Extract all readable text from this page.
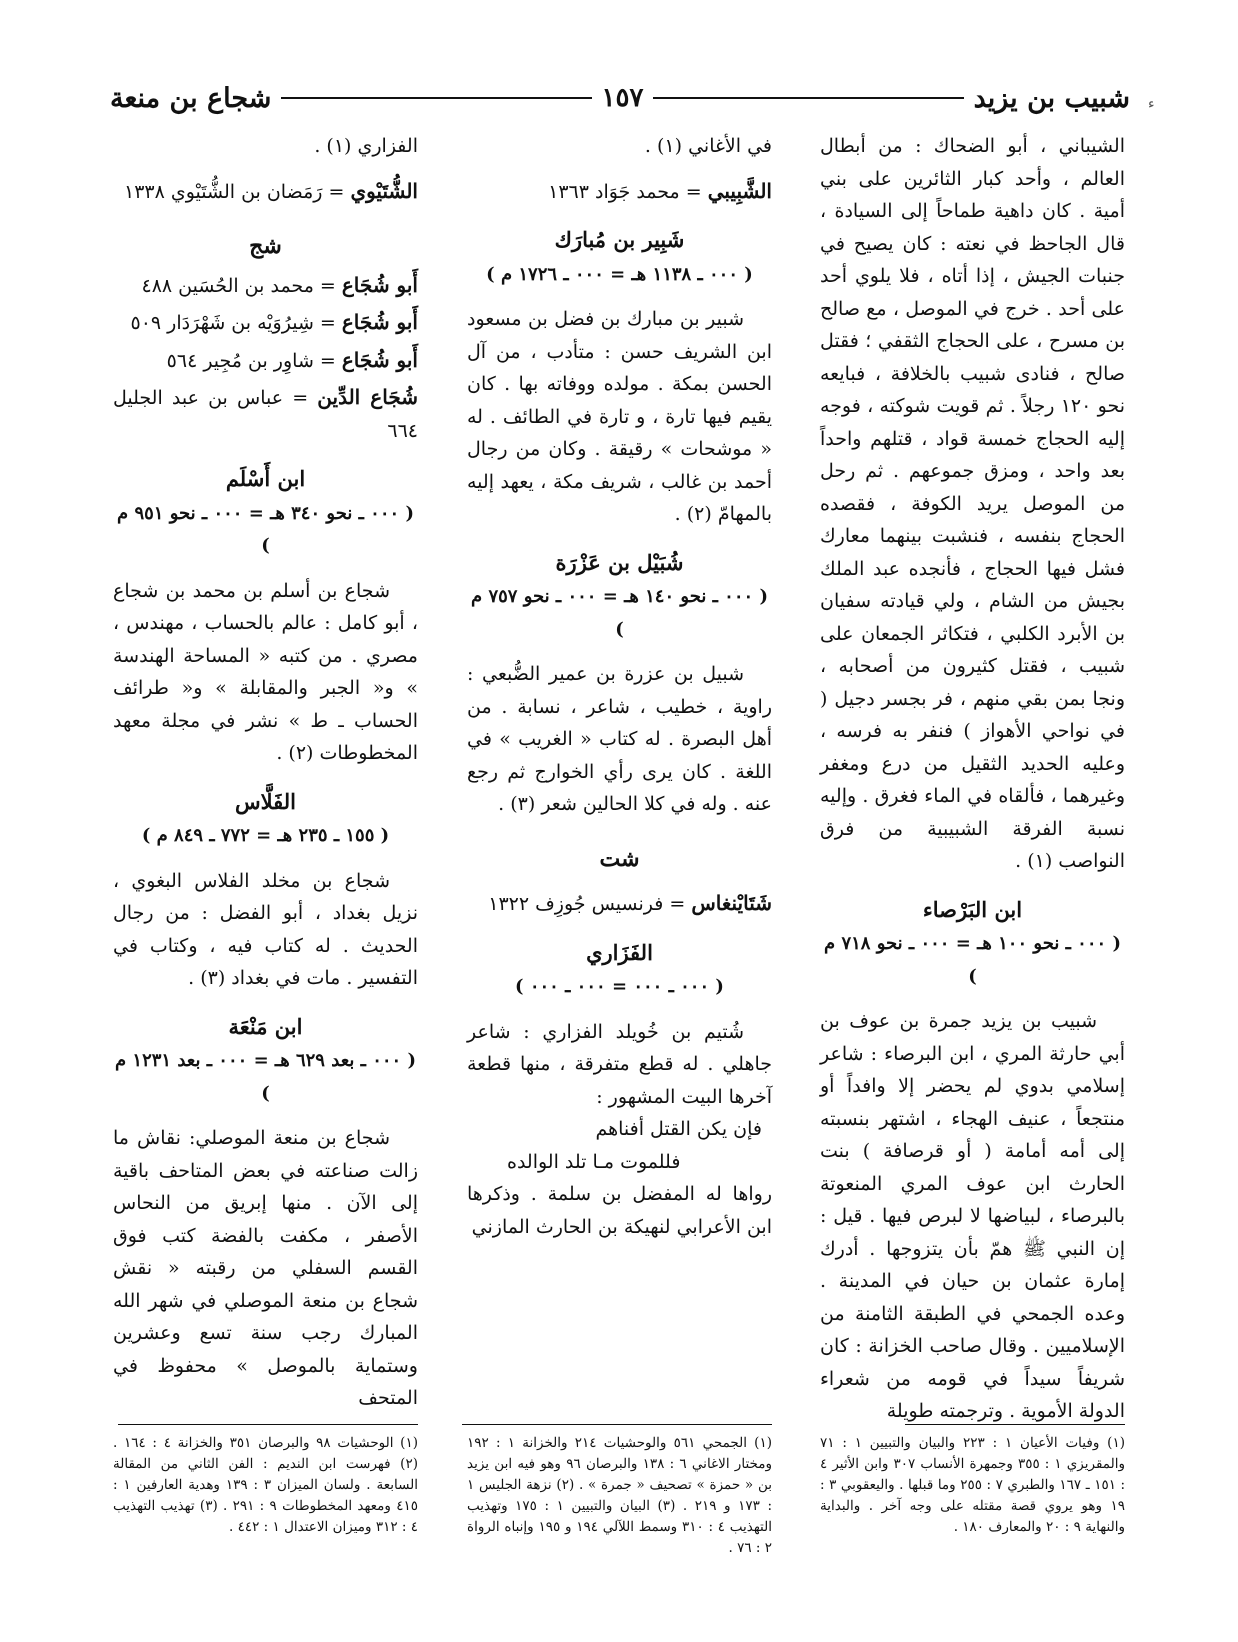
ء
شبيب بن يزيد
١٥٧
شجاع بن منعة

الشيباني ، أبو الضحاك : من أبطال العالم ، وأحد كبار الثائرين على بني أمية . كان داهية طماحاً إلى السيادة ، قال الجاحظ في نعته : كان يصيح في جنبات الجيش ، إذا أتاه ، فلا يلوي أحد على أحد . خرج في الموصل ، مع صالح بن مسرح ، على الحجاج الثقفي ؛ فقتل صالح ، فنادى شبيب بالخلافة ، فبايعه نحو ١٢٠ رجلاً . ثم قويت شوكته ، فوجه إليه الحجاج خمسة قواد ، قتلهم واحداً بعد واحد ، ومزق جموعهم . ثم رحل من الموصل يريد الكوفة ، فقصده الحجاج بنفسه ، فنشبت بينهما معارك فشل فيها الحجاج ، فأنجده عبد الملك بجيش من الشام ، ولي قيادته سفيان بن الأبرد الكلبي ، فتكاثر الجمعان على شبيب ، فقتل كثيرون من أصحابه ، ونجا بمن بقي منهم ، فر بجسر دجيل ( في نواحي الأهواز ) فنفر به فرسه ، وعليه الحديد الثقيل من درع ومغفر وغيرهما ، فألقاه في الماء فغرق . وإليه نسبة الفرقة الشبيبية من فرق النواصب (١) .

ابن البَرْصاء
( ٠٠٠ ـ نحو ١٠٠ هـ = ٠٠٠ ـ نحو ٧١٨ م )

شبيب بن يزيد جمرة بن عوف بن أبي حارثة المري ، ابن البرصاء : شاعر إسلامي بدوي لم يحضر إلا وافداً أو منتجعاً ، عنيف الهجاء ، اشتهر بنسبته إلى أمه أمامة ( أو قرصافة ) بنت الحارث ابن عوف المري المنعوتة بالبرصاء ، لبياضها لا لبرص فيها . قيل : إن النبي ﷺ همّ بأن يتزوجها . أدرك إمارة عثمان بن حيان في المدينة . وعده الجمحي في الطبقة الثامنة من الإسلاميين . وقال صاحب الخزانة : كان شريفاً سيداً في قومه من شعراء الدولة الأموية . وترجمته طويلة

في الأغاني (١) .

الشَّبِيبي = محمد جَوَاد ١٣٦٣
شَبِير بن مُبارَك
( ٠٠٠ ـ ١١٣٨ هـ = ٠٠٠ ـ ١٧٢٦ م )

شبير بن مبارك بن فضل بن مسعود ابن الشريف حسن : متأدب ، من آل الحسن بمكة . مولده ووفاته بها . كان يقيم فيها تارة ، و تارة في الطائف . له « موشحات » رقيقة . وكان من رجال أحمد بن غالب ، شريف مكة ، يعهد إليه بالمهامّ (٢) .

شُبَيْل بن عَزْرَة
( ٠٠٠ ـ نحو ١٤٠ هـ = ٠٠٠ ـ نحو ٧٥٧ م )

شبيل بن عزرة بن عمير الضُّبعي : راوية ، خطيب ، شاعر ، نسابة . من أهل البصرة . له كتاب « الغريب » في اللغة . كان يرى رأي الخوارج ثم رجع عنه . وله في كلا الحالين شعر (٣) .

شت
شَتَايْنغاس = فرنسيس جُوزِف ١٣٢٢
الفَزَاري
( ٠٠٠ ـ ٠٠٠ = ٠٠٠ ـ ٠٠٠ )

شُتيم بن خُويلد الفزاري : شاعر جاهلي . له قطع متفرقة ، منها قطعة آخرها البيت المشهور :

فإن يكن القتل أفناهم

فللموت مـا تلد الوالده

رواها له المفضل بن سلمة . وذكرها ابن الأعرابي لنهيكة بن الحارث المازني

الفزاري (١) .

الشُّتَيْوي = رَمَضان بن الشُّتَيْوي ١٣٣٨
شج
أَبو شُجَاع = محمد بن الحُسَين ٤٨٨
أَبو شُجَاع = شِيرُوَيْه بن شَهْرَدَار ٥٠٩
أَبو شُجَاع = شاوِر بن مُجِير ٥٦٤
شُجَاع الدِّين = عباس بن عبد الجليل ٦٦٤
ابن أَسْلَم
( ٠٠٠ ـ نحو ٣٤٠ هـ = ٠٠٠ ـ نحو ٩٥١ م )

شجاع بن أسلم بن محمد بن شجاع ، أبو كامل : عالم بالحساب ، مهندس ، مصري . من كتبه « المساحة الهندسة » و« الجبر والمقابلة » و« طرائف الحساب ـ ط » نشر في مجلة معهد المخطوطات (٢) .

الفَلَّاس
( ١٥٥ ـ ٢٣٥ هـ = ٧٧٢ ـ ٨٤٩ م )

شجاع بن مخلد الفلاس البغوي ، نزيل بغداد ، أبو الفضل : من رجال الحديث . له كتاب فيه ، وكتاب في التفسير . مات في بغداد (٣) .

ابن مَنْعَة
( ٠٠٠ ـ بعد ٦٢٩ هـ = ٠٠٠ ـ بعد ١٢٣١ م )

شجاع بن منعة الموصلي: نقاش ما زالت صناعته في بعض المتاحف باقية إلى الآن . منها إبريق من النحاس الأصفر ، مكفت بالفضة كتب فوق القسم السفلي من رقبته « نقش شجاع بن منعة الموصلي في شهر الله المبارك رجب سنة تسع وعشرين وستماية بالموصل » محفوظ في المتحف

(١) وفيات الأعيان ١ : ٢٢٣ والبيان والتبيين ١ : ٧١ والمقريزي ١ : ٣٥٥ وجمهرة الأنساب ٣٠٧ وابن الأثير ٤ : ١٥١ ـ ١٦٧ والطبري ٧ : ٢٥٥ وما قبلها . واليعقوبي ٣ : ١٩ وهو يروي قصة مقتله على وجه آخر . والبداية والنهاية ٩ : ٢٠ والمعارف ١٨٠ .
(١) الجمحي ٥٦١ والوحشيات ٢١٤ والخزانة ١ : ١٩٢ ومختار الاغاني ٦ : ١٣٨ والبرصان ٩٦ وهو فيه ابن يزيد بن « حمزة » تصحيف « جمرة » . (٢) نزهة الجليس ١ : ١٧٣ و ٢١٩ . (٣) البيان والتبيين ١ : ١٧٥ وتهذيب التهذيب ٤ : ٣١٠ وسمط اللآلي ١٩٤ و ١٩٥ وإنباه الرواة ٢ : ٧٦ .
(١) الوحشيات ٩٨ والبرصان ٣٥١ والخزانة ٤ : ١٦٤ . (٢) فهرست ابن النديم : الفن الثاني من المقالة السابعة . ولسان الميزان ٣ : ١٣٩ وهدية العارفين ١ : ٤١٥ ومعهد المخطوطات ٩ : ٢٩١ . (٣) تهذيب التهذيب ٤ : ٣١٢ وميزان الاعتدال ١ : ٤٤٢ .
